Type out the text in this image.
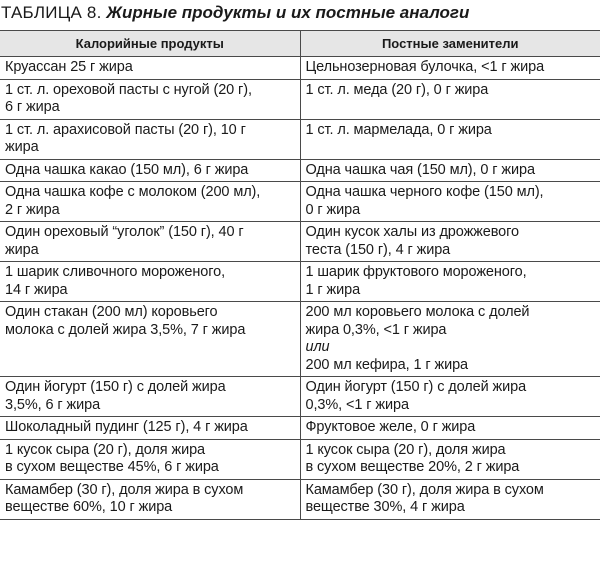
ТАБЛИЦА 8. Жирные продукты и их постные аналоги
Калорийные продукты	Постные заменители

Круассан 25 г жира	Цельнозерновая булочка, <1 г жира

1 ст. л. ореховой пасты с нугой (20 г),
6 г жира	1 ст. л. меда (20 г), 0 г жира

1 ст. л. арахисовой пасты (20 г), 10 г
жира	1 ст. л. мармелада, 0 г жира

Одна чашка какао (150 мл), 6 г жира	Одна чашка чая (150 мл), 0 г жира

Одна чашка кофе с молоком (200 мл),
2 г жира	Одна чашка черного кофе (150 мл),
0 г жира

Один ореховый “уголок” (150 г), 40 г
жира	Один кусок халы из дрожжевого
теста (150 г), 4 г жира

1 шарик сливочного мороженого,
14 г жира	1 шарик фруктового мороженого,
1 г жира

Один стакан (200 мл) коровьего
молока с долей жира 3,5%, 7 г жира	200 мл коровьего молока с долей
жира 0,3%, <1 г жира
или
200 мл кефира, 1 г жира

Один йогурт (150 г) с долей жира
3,5%, 6 г жира	Один йогурт (150 г) с долей жира
0,3%, <1 г жира

Шоколадный пудинг (125 г), 4 г жира	Фруктовое желе, 0 г жира

1 кусок сыра (20 г), доля жира
в сухом веществе 45%, 6 г жира	1 кусок сыра (20 г), доля жира
в сухом веществе 20%, 2 г жира

Камамбер (30 г), доля жира в сухом
веществе 60%, 10 г жира	Камамбер (30 г), доля жира в сухом
веществе 30%, 4 г жира
